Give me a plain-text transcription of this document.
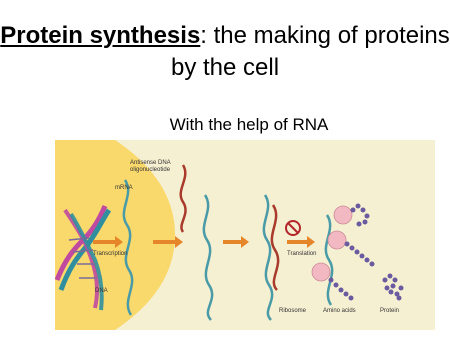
Protein synthesis: the making of proteins by the cell
With the help of RNA
Antisense DNA
oligonucleotide
mRNA
Transcription
DNA
Translation
Ribosome	Amino acids	Protein
